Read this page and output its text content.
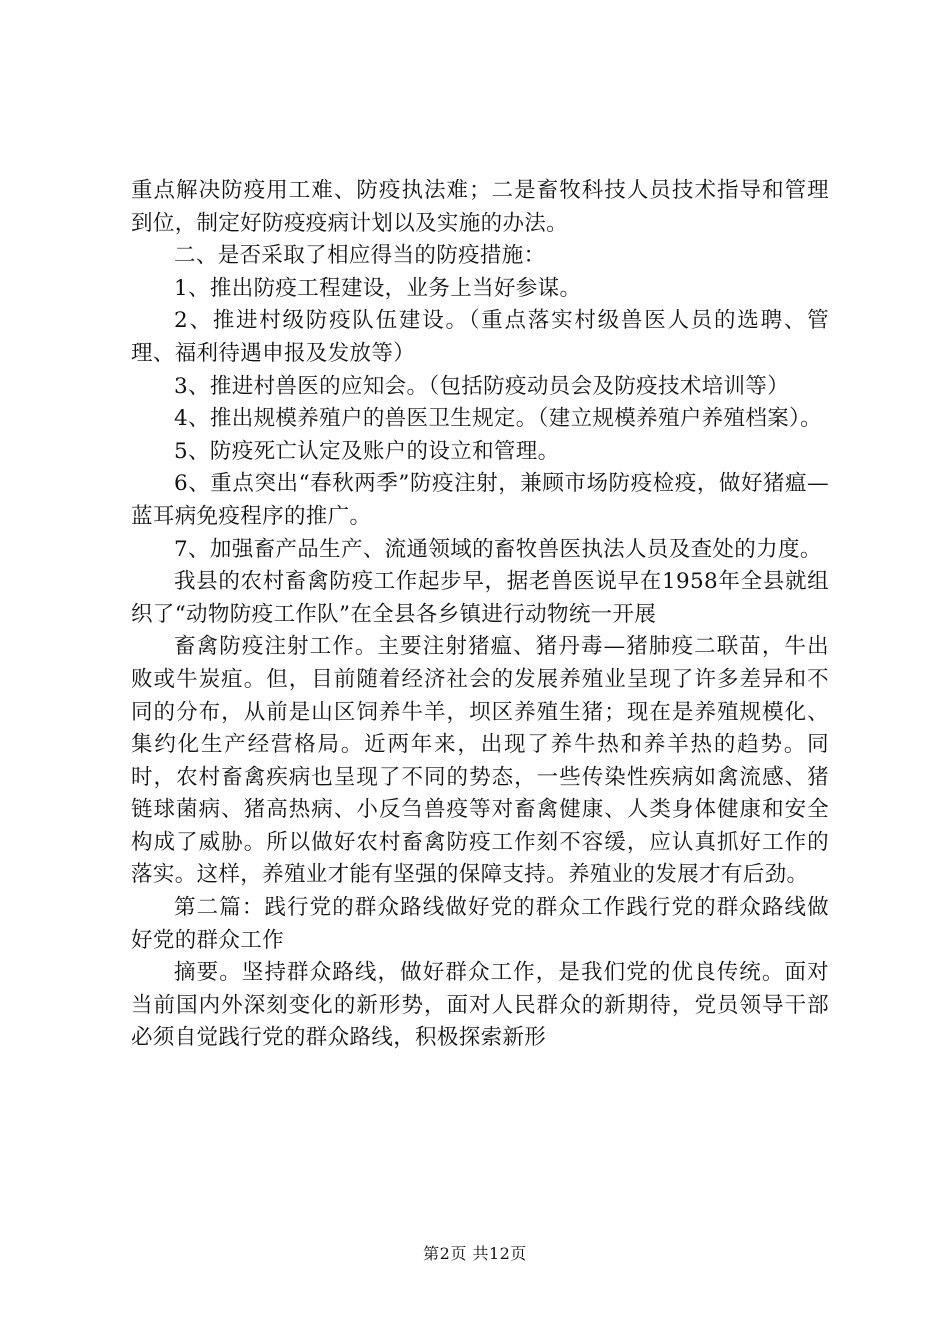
重点解决防疫用工难、防疫执法难；二是畜牧科技人员技术指导和管理到位，制定好防疫疫病计划以及实施的办法。

二、是否采取了相应得当的防疫措施：

1、推出防疫工程建设，业务上当好参谋。

2、推进村级防疫队伍建设。（重点落实村级兽医人员的选聘、管理、福利待遇申报及发放等）

3、推进村兽医的应知会。（包括防疫动员会及防疫技术培训等）

4、推出规模养殖户的兽医卫生规定。（建立规模养殖户养殖档案）。

5、防疫死亡认定及账户的设立和管理。

6、重点突出“春秋两季”防疫注射，兼顾市场防疫检疫，做好猪瘟—蓝耳病免疫程序的推广。

7、加强畜产品生产、流通领域的畜牧兽医执法人员及查处的力度。

我县的农村畜禽防疫工作起步早，据老兽医说早在1958年全县就组织了“动物防疫工作队”在全县各乡镇进行动物统一开展

畜禽防疫注射工作。主要注射猪瘟、猪丹毒—猪肺疫二联苗，牛出败或牛炭疽。但，目前随着经济社会的发展养殖业呈现了许多差异和不同的分布，从前是山区饲养牛羊，坝区养殖生猪；现在是养殖规模化、集约化生产经营格局。近两年来，出现了养牛热和养羊热的趋势。同时，农村畜禽疾病也呈现了不同的势态，一些传染性疾病如禽流感、猪链球菌病、猪高热病、小反刍兽疫等对畜禽健康、人类身体健康和安全构成了威胁。所以做好农村畜禽防疫工作刻不容缓，应认真抓好工作的落实。这样，养殖业才能有坚强的保障支持。养殖业的发展才有后劲。

第二篇：践行党的群众路线做好党的群众工作践行党的群众路线做好党的群众工作

摘要。坚持群众路线，做好群众工作，是我们党的优良传统。面对当前国内外深刻变化的新形势，面对人民群众的新期待，党员领导干部必须自觉践行党的群众路线，积极探索新形

第2页 共12页
